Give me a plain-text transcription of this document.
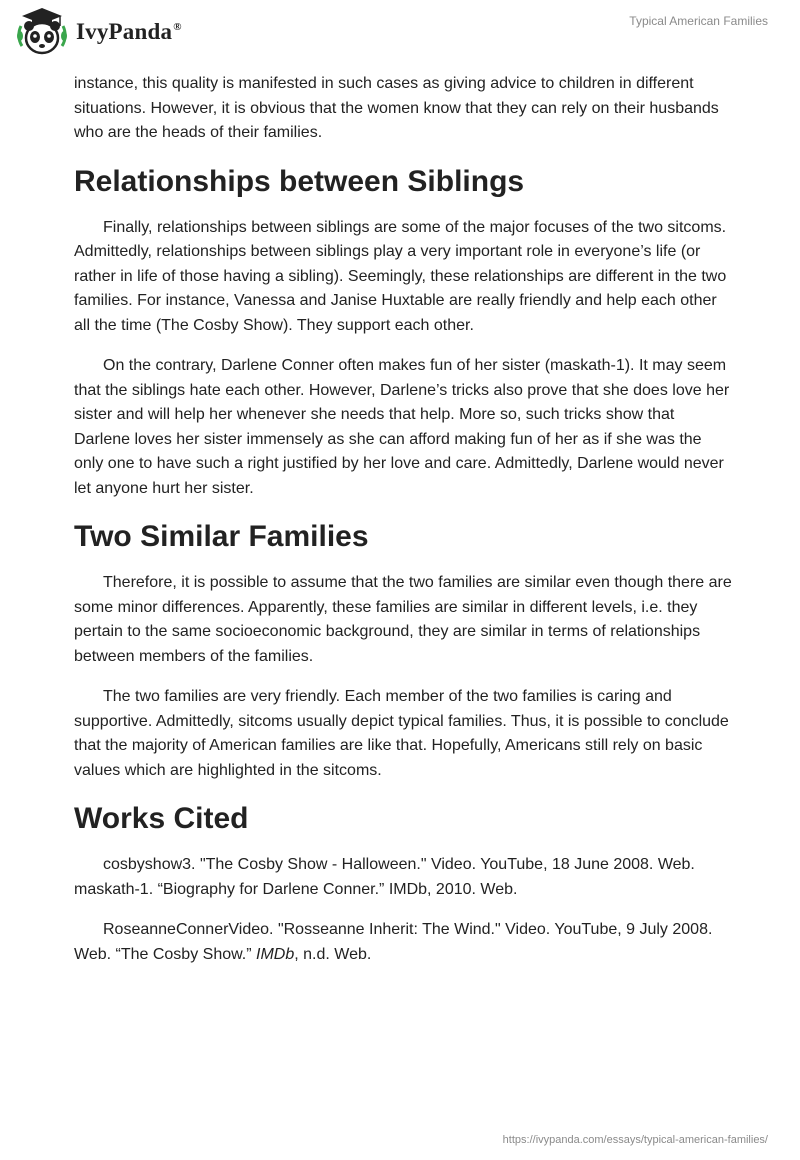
IvyPanda®	Typical American Families

instance, this quality is manifested in such cases as giving advice to children in different situations. However, it is obvious that the women know that they can rely on their husbands who are the heads of their families.

Relationships between Siblings

Finally, relationships between siblings are some of the major focuses of the two sitcoms. Admittedly, relationships between siblings play a very important role in everyone’s life (or rather in life of those having a sibling). Seemingly, these relationships are different in the two families. For instance, Vanessa and Janise Huxtable are really friendly and help each other all the time (The Cosby Show). They support each other.

On the contrary, Darlene Conner often makes fun of her sister (maskath-1). It may seem that the siblings hate each other. However, Darlene’s tricks also prove that she does love her sister and will help her whenever she needs that help. More so, such tricks show that Darlene loves her sister immensely as she can afford making fun of her as if she was the only one to have such a right justified by her love and care. Admittedly, Darlene would never let anyone hurt her sister.

Two Similar Families

Therefore, it is possible to assume that the two families are similar even though there are some minor differences. Apparently, these families are similar in different levels, i.e. they pertain to the same socioeconomic background, they are similar in terms of relationships between members of the families.

The two families are very friendly. Each member of the two families is caring and supportive. Admittedly, sitcoms usually depict typical families. Thus, it is possible to conclude that the majority of American families are like that. Hopefully, Americans still rely on basic values which are highlighted in the sitcoms.

Works Cited

cosbyshow3. "The Cosby Show - Halloween." Video. YouTube, 18 June 2008. Web. maskath-1. “Biography for Darlene Conner.” IMDb, 2010. Web.

RoseanneConnerVideo. "Rosseanne Inherit: The Wind." Video. YouTube, 9 July 2008. Web. “The Cosby Show.” IMDb, n.d. Web.

https://ivypanda.com/essays/typical-american-families/
